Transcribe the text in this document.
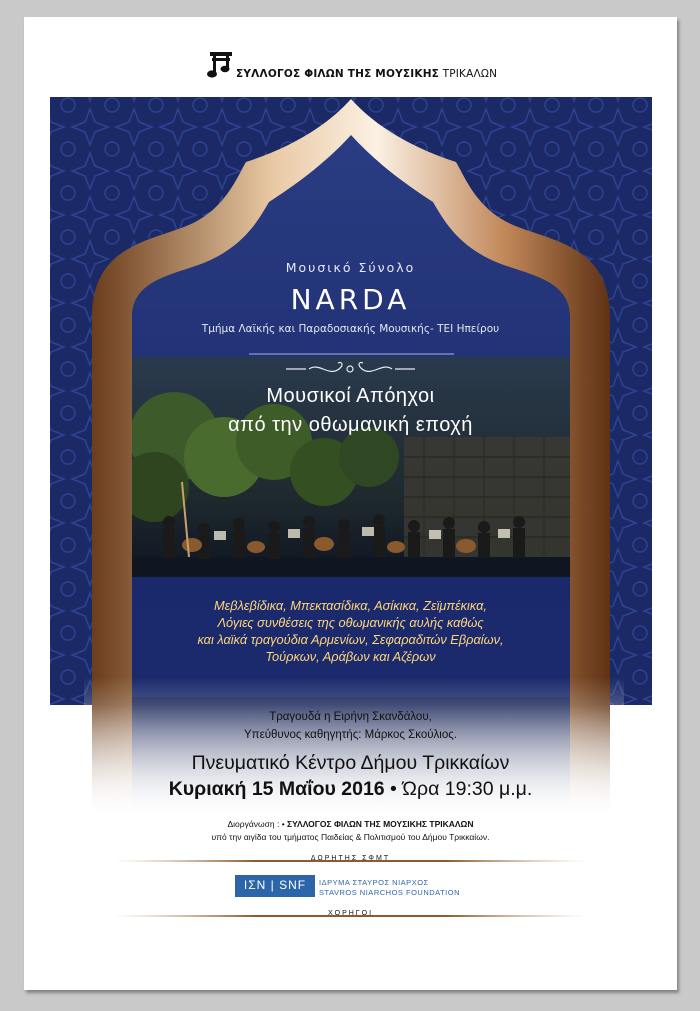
ΣΥΛΛΟΓΟΣ ΦΙΛΩΝ ΤΗΣ ΜΟΥΣΙΚΗΣ ΤΡΙΚΑΛΩΝ
Μουσικό Σύνολο
NARDA
Τμήμα Λαϊκής και Παραδοσιακής Μουσικής- ΤΕΙ Ηπείρου
Μουσικοί Απόηχοι
από την οθωμανική εποχή
Μεβλεβίδικα, Μπεκτασίδικα, Ασίκικα, Ζεϊμπέκικα,
Λόγιες συνθέσεις της οθωμανικής αυλής καθώς
και λαϊκά τραγούδια Αρμενίων, Σεφαραδιτών Εβραίων,
Τούρκων, Αράβων και Αζέρων
Τραγουδά η Ειρήνη Σκανδάλου,
Υπεύθυνος καθηγητής: Μάρκος Σκούλιος.
Πνευματικό Κέντρο Δήμου Τρικκαίων
Κυριακή 15 Μαΐου 2016 • Ώρα 19:30 μ.μ.
Διοργάνωση : • ΣΥΛΛΟΓΟΣ ΦΙΛΩΝ ΤΗΣ ΜΟΥΣΙΚΗΣ ΤΡΙΚΑΛΩΝ
υπό την αιγίδα του τμήματος Παιδείας & Πολιτισμού του Δήμου Τρικκαίων.
ΔΩΡΗΤΗΣ ΣΦΜΤ
ΙΣΝ | SNF	ΙΔΡΥΜΑ ΣΤΑΥΡΟΣ ΝΙΑΡΧΟΣ
STAVROS NIARCHOS FOUNDATION
ΧΟΡΗΓΟΙ
